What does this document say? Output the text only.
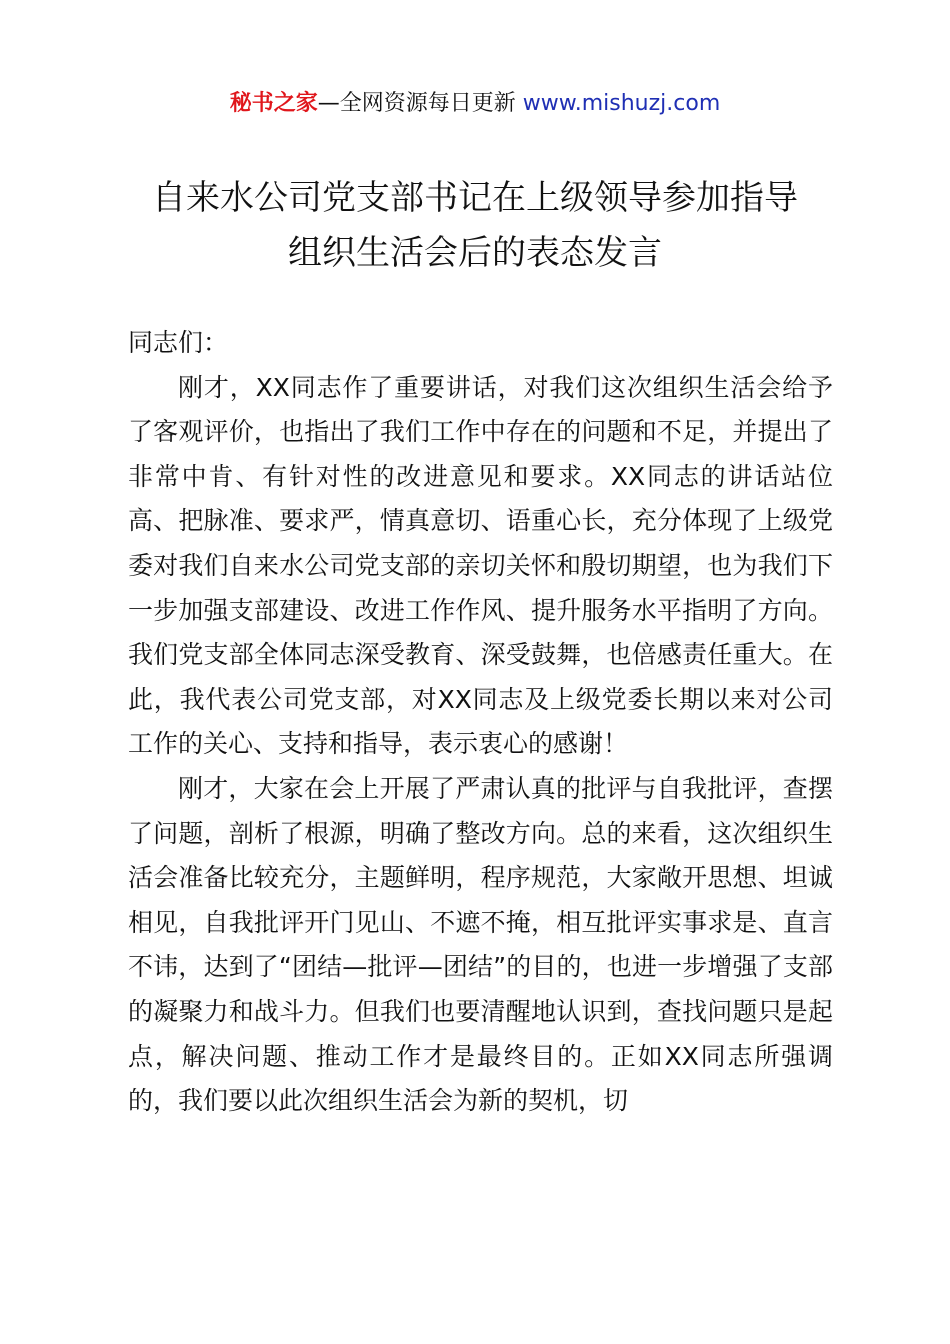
秘书之家—全网资源每日更新 www.mishuzj.com
自来水公司党支部书记在上级领导参加指导
组织生活会后的表态发言

同志们：

刚才，XX同志作了重要讲话，对我们这次组织生活会给予了客观评价，也指出了我们工作中存在的问题和不足，并提出了非常中肯、有针对性的改进意见和要求。XX同志的讲话站位高、把脉准、要求严，情真意切、语重心长，充分体现了上级党委对我们自来水公司党支部的亲切关怀和殷切期望，也为我们下一步加强支部建设、改进工作作风、提升服务水平指明了方向。我们党支部全体同志深受教育、深受鼓舞，也倍感责任重大。在此，我代表公司党支部，对XX同志及上级党委长期以来对公司工作的关心、支持和指导，表示衷心的感谢！

刚才，大家在会上开展了严肃认真的批评与自我批评，查摆了问题，剖析了根源，明确了整改方向。总的来看，这次组织生活会准备比较充分，主题鲜明，程序规范，大家敞开思想、坦诚相见，自我批评开门见山、不遮不掩，相互批评实事求是、直言不讳，达到了“团结—批评—团结”的目的，也进一步增强了支部的凝聚力和战斗力。但我们也要清醒地认识到，查找问题只是起点，解决问题、推动工作才是最终目的。正如XX同志所强调的，我们要以此次组织生活会为新的契机，切
